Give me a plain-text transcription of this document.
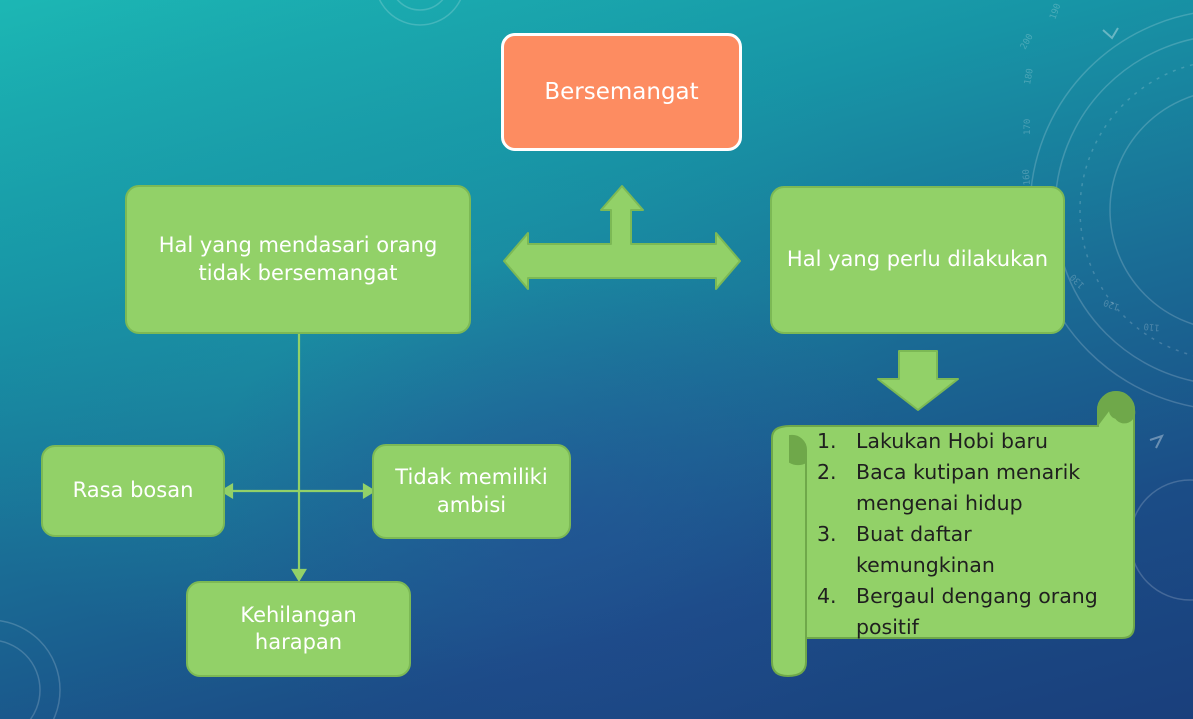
190
200
180
170
160
130
120
110
Bersemangat
Hal yang mendasari orang tidak bersemangat
Hal yang perlu dilakukan
Rasa bosan
Tidak memiliki ambisi
Kehilangan harapan
1. Lakukan Hobi baru
2. Baca kutipan menarik mengenai hidup
3. Buat daftar kemungkinan
4. Bergaul dengang orang positif
